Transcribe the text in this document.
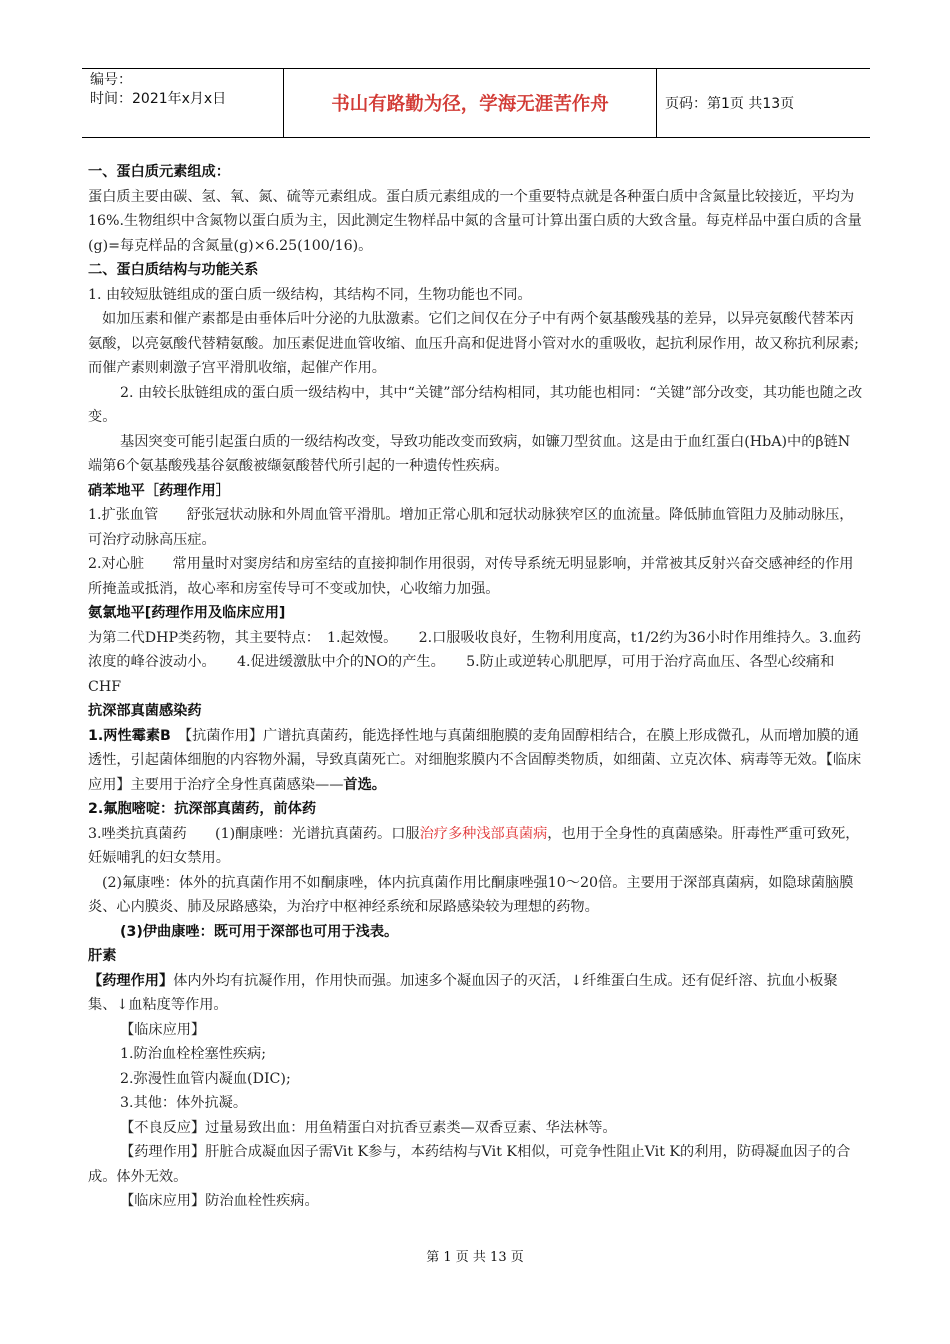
编号：
时间：2021年x月x日	书山有路勤为径，学海无涯苦作舟	页码：第1页 共13页

一、蛋白质元素组成：

蛋白质主要由碳、氢、氧、氮、硫等元素组成。蛋白质元素组成的一个重要特点就是各种蛋白质中含氮量比较接近，平均为16%.生物组织中含氮物以蛋白质为主，因此测定生物样品中氮的含量可计算出蛋白质的大致含量。每克样品中蛋白质的含量(g)=每克样品的含氮量(g)×6.25(100/16)。

二、蛋白质结构与功能关系

1. 由较短肽链组成的蛋白质一级结构，其结构不同，生物功能也不同。

如加压素和催产素都是由垂体后叶分泌的九肽激素。它们之间仅在分子中有两个氨基酸残基的差异，以异亮氨酸代替苯丙氨酸，以亮氨酸代替精氨酸。加压素促进血管收缩、血压升高和促进肾小管对水的重吸收，起抗利尿作用，故又称抗利尿素;而催产素则刺激子宫平滑肌收缩，起催产作用。

2. 由较长肽链组成的蛋白质一级结构中，其中“关键”部分结构相同，其功能也相同：“关键”部分改变，其功能也随之改变。

基因突变可能引起蛋白质的一级结构改变，导致功能改变而致病，如镰刀型贫血。这是由于血红蛋白(HbA)中的β链N端第6个氨基酸残基谷氨酸被缬氨酸替代所引起的一种遗传性疾病。

硝苯地平［药理作用］

1.扩张血管　　舒张冠状动脉和外周血管平滑肌。增加正常心肌和冠状动脉狭窄区的血流量。降低肺血管阻力及肺动脉压，可治疗动脉高压症。

2.对心脏　　常用量时对窦房结和房室结的直接抑制作用很弱，对传导系统无明显影响，并常被其反射兴奋交感神经的作用所掩盖或抵消，故心率和房室传导可不变或加快，心收缩力加强。

氨氯地平[药理作用及临床应用]

为第二代DHP类药物，其主要特点：　1.起效慢。　　2.口服吸收良好，生物利用度高，t1/2约为36小时作用维持久。3.血药浓度的峰谷波动小。　　4.促进缓激肽中介的NO的产生。　　5.防止或逆转心肌肥厚，可用于治疗高血压、各型心绞痛和CHF

抗深部真菌感染药

1.两性霉素B　【抗菌作用】广谱抗真菌药，能选择性地与真菌细胞膜的麦角固醇相结合，在膜上形成微孔，从而增加膜的通透性，引起菌体细胞的内容物外漏，导致真菌死亡。对细胞浆膜内不含固醇类物质，如细菌、立克次体、病毒等无效。【临床应用】主要用于治疗全身性真菌感染——首选。

2.氟胞嘧啶：抗深部真菌药，前体药

3.唑类抗真菌药　　(1)酮康唑：光谱抗真菌药。口服治疗多种浅部真菌病，也用于全身性的真菌感染。肝毒性严重可致死，妊娠哺乳的妇女禁用。

(2)氟康唑：体外的抗真菌作用不如酮康唑，体内抗真菌作用比酮康唑强10～20倍。主要用于深部真菌病，如隐球菌脑膜炎、心内膜炎、肺及尿路感染，为治疗中枢神经系统和尿路感染较为理想的药物。

(3)伊曲康唑：既可用于深部也可用于浅表。

肝素

【药理作用】体内外均有抗凝作用，作用快而强。加速多个凝血因子的灭活，↓纤维蛋白生成。还有促纤溶、抗血小板聚集、↓血粘度等作用。

【临床应用】

1.防治血栓栓塞性疾病;

2.弥漫性血管内凝血(DIC);

3.其他：体外抗凝。

【不良反应】过量易致出血：用鱼精蛋白对抗香豆素类—双香豆素、华法林等。

【药理作用】肝脏合成凝血因子需Vit K参与，本药结构与Vit K相似，可竞争性阻止Vit K的利用，防碍凝血因子的合成。体外无效。

【临床应用】防治血栓性疾病。

第 1 页 共 13 页
